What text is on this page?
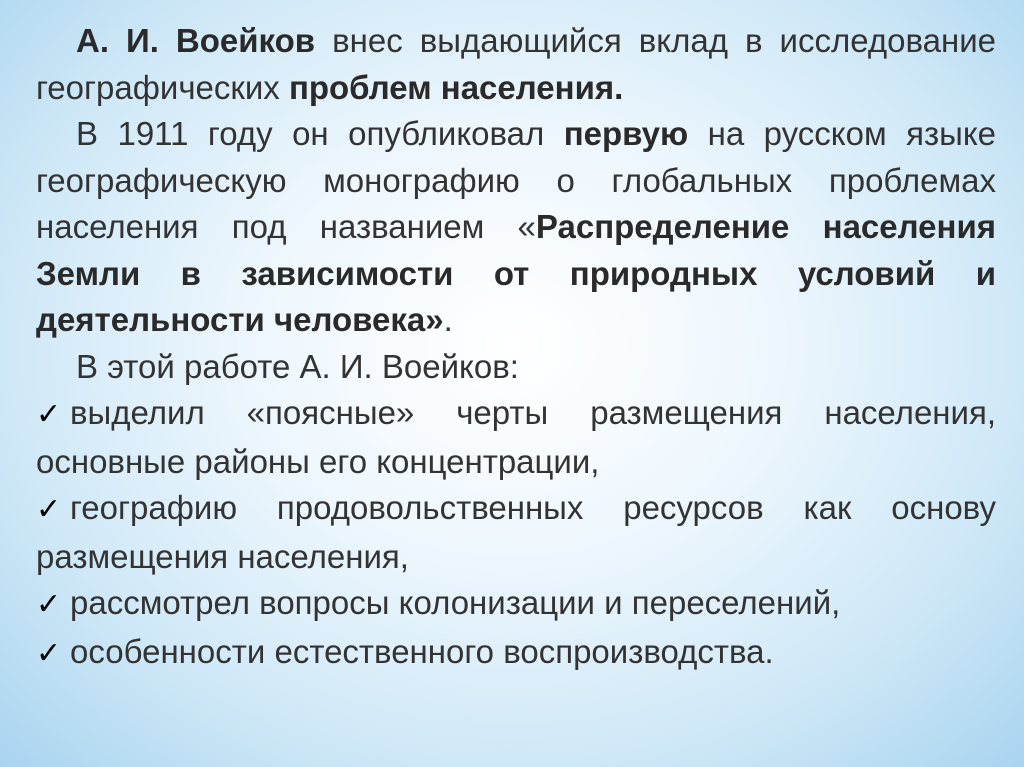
А. И. Воейков внес выдающийся вклад в исследование географических проблем населения.

В 1911 году он опубликовал первую на русском языке географическую монографию о глобальных проблемах населения под названием «Распределение населения Земли в зависимости от природных условий и деятельности человека».

В этой работе А. И. Воейков:

✓ выделил «поясные» черты размещения населения, основные районы его концентрации,

✓ географию продовольственных ресурсов как основу размещения населения,

✓ рассмотрел вопросы колонизации и переселений,

✓ особенности естественного воспроизводства.
